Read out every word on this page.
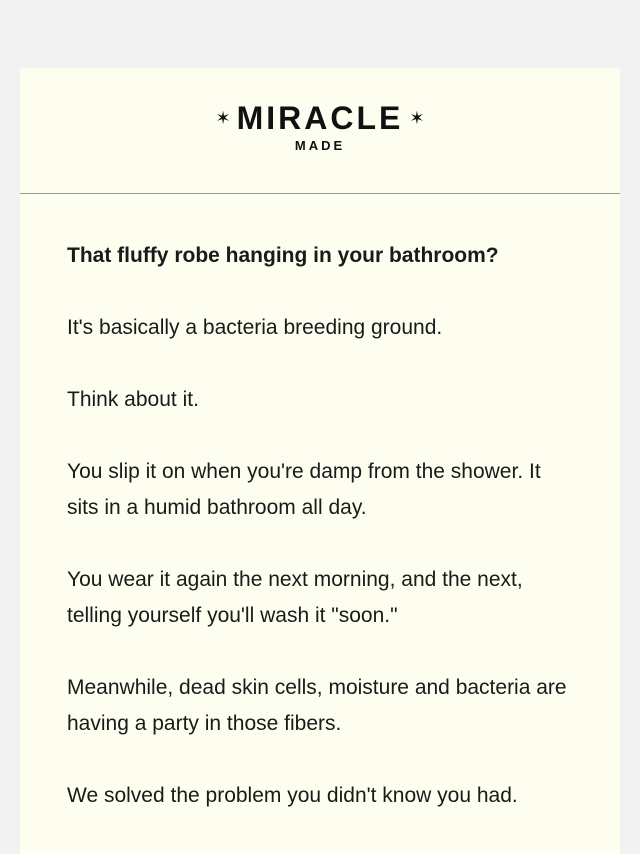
✶ MIRACLE ✶
MADE

That fluffy robe hanging in your bathroom?

It's basically a bacteria breeding ground.

Think about it.

You slip it on when you're damp from the shower. It sits in a humid bathroom all day.

You wear it again the next morning, and the next, telling yourself you'll wash it "soon."

Meanwhile, dead skin cells, moisture and bacteria are having a party in those fibers.

We solved the problem you didn't know you had.
